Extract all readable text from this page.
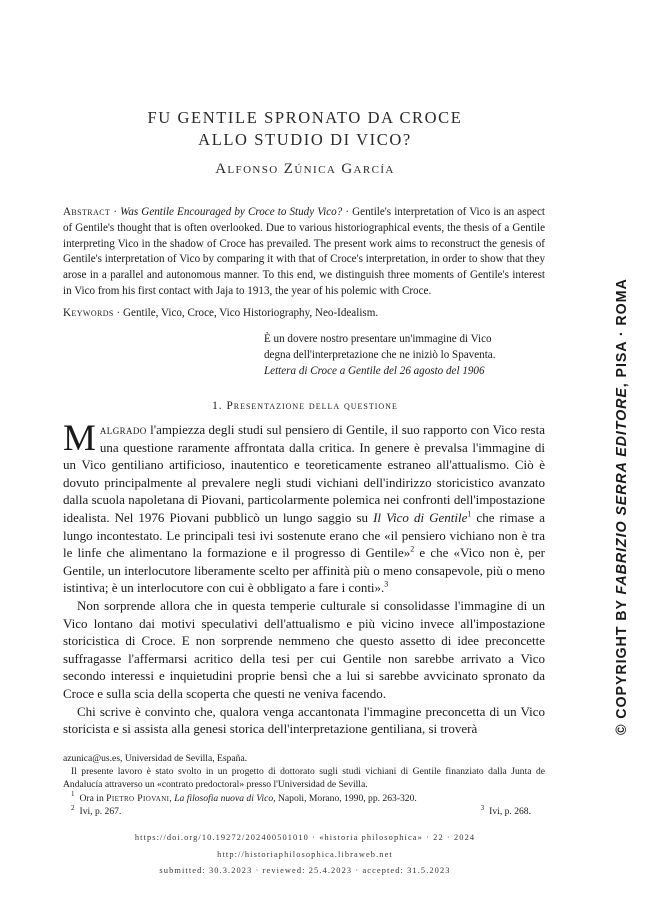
FU GENTILE SPRONATO DA CROCE
ALLO STUDIO DI VICO?
Alfonso Zúnica García

Abstract · Was Gentile Encouraged by Croce to Study Vico? · Gentile's interpretation of Vico is an aspect of Gentile's thought that is often overlooked. Due to various historiographical events, the thesis of a Gentile interpreting Vico in the shadow of Croce has prevailed. The present work aims to reconstruct the genesis of Gentile's interpretation of Vico by comparing it with that of Croce's interpretation, in order to show that they arose in a parallel and autonomous manner. To this end, we distinguish three moments of Gentile's interest in Vico from his first contact with Jaja to 1913, the year of his polemic with Croce.

Keywords · Gentile, Vico, Croce, Vico Historiography, Neo-Idealism.
È un dovere nostro presentare un'immagine di Vico
degna dell'interpretazione che ne iniziò lo Spaventa.
Lettera di Croce a Gentile del 26 agosto del 1906
1. Presentazione della questione

Malgrado l'ampiezza degli studi sul pensiero di Gentile, il suo rapporto con Vico resta una questione raramente affrontata dalla critica. In genere è prevalsa l'immagine di un Vico gentiliano artificioso, inautentico e teoreticamente estraneo all'attualismo. Ciò è dovuto principalmente al prevalere negli studi vichiani dell'indirizzo storicistico avanzato dalla scuola napoletana di Piovani, particolarmente polemica nei confronti dell'impostazione idealista. Nel 1976 Piovani pubblicò un lungo saggio su Il Vico di Gentile$^1$ che rimase a lungo incontestato. Le principali tesi ivi sostenute erano che «il pensiero vichiano non è tra le linfe che alimentano la formazione e il progresso di Gentile»$^2$ e che «Vico non è, per Gentile, un interlocutore liberamente scelto per affinità più o meno consapevole, più o meno istintiva; è un interlocutore con cui è obbligato a fare i conti».$^3$

Non sorprende allora che in questa temperie culturale si consolidasse l'immagine di un Vico lontano dai motivi speculativi dell'attualismo e più vicino invece all'impostazione storicistica di Croce. E non sorprende nemmeno che questo assetto di idee preconcette suffragasse l'affermarsi acritico della tesi per cui Gentile non sarebbe arrivato a Vico secondo interessi e inquietudini proprie bensì che a lui si sarebbe avvicinato spronato da Croce e sulla scia della scoperta che questi ne veniva facendo.

Chi scrive è convinto che, qualora venga accantonata l'immagine preconcetta di un Vico storicista e si assista alla genesi storica dell'interpretazione gentiliana, si troverà

azunica@us.es, Universidad de Sevilla, España.
Il presente lavoro è stato svolto in un progetto di dottorato sugli studi vichiani di Gentile finanziato dalla Junta de Andalucía attraverso un «contrato predoctoral» presso l'Universidad de Sevilla.
$^1$ Ora in Pietro Piovani, La filosofia nuova di Vico, Napoli, Morano, 1990, pp. 263-320.
$^2$ Ivi, p. 267.	$^3$ Ivi, p. 268.
https://doi.org/10.19272/202400501010 · «historia philosophica» · 22 · 2024
http://historiaphilosophica.libraweb.net
submitted: 30.3.2023 · reviewed: 25.4.2023 · accepted: 31.5.2023
© COPYRIGHT BY FABRIZIO SERRA EDITORE, PISA · ROMA
